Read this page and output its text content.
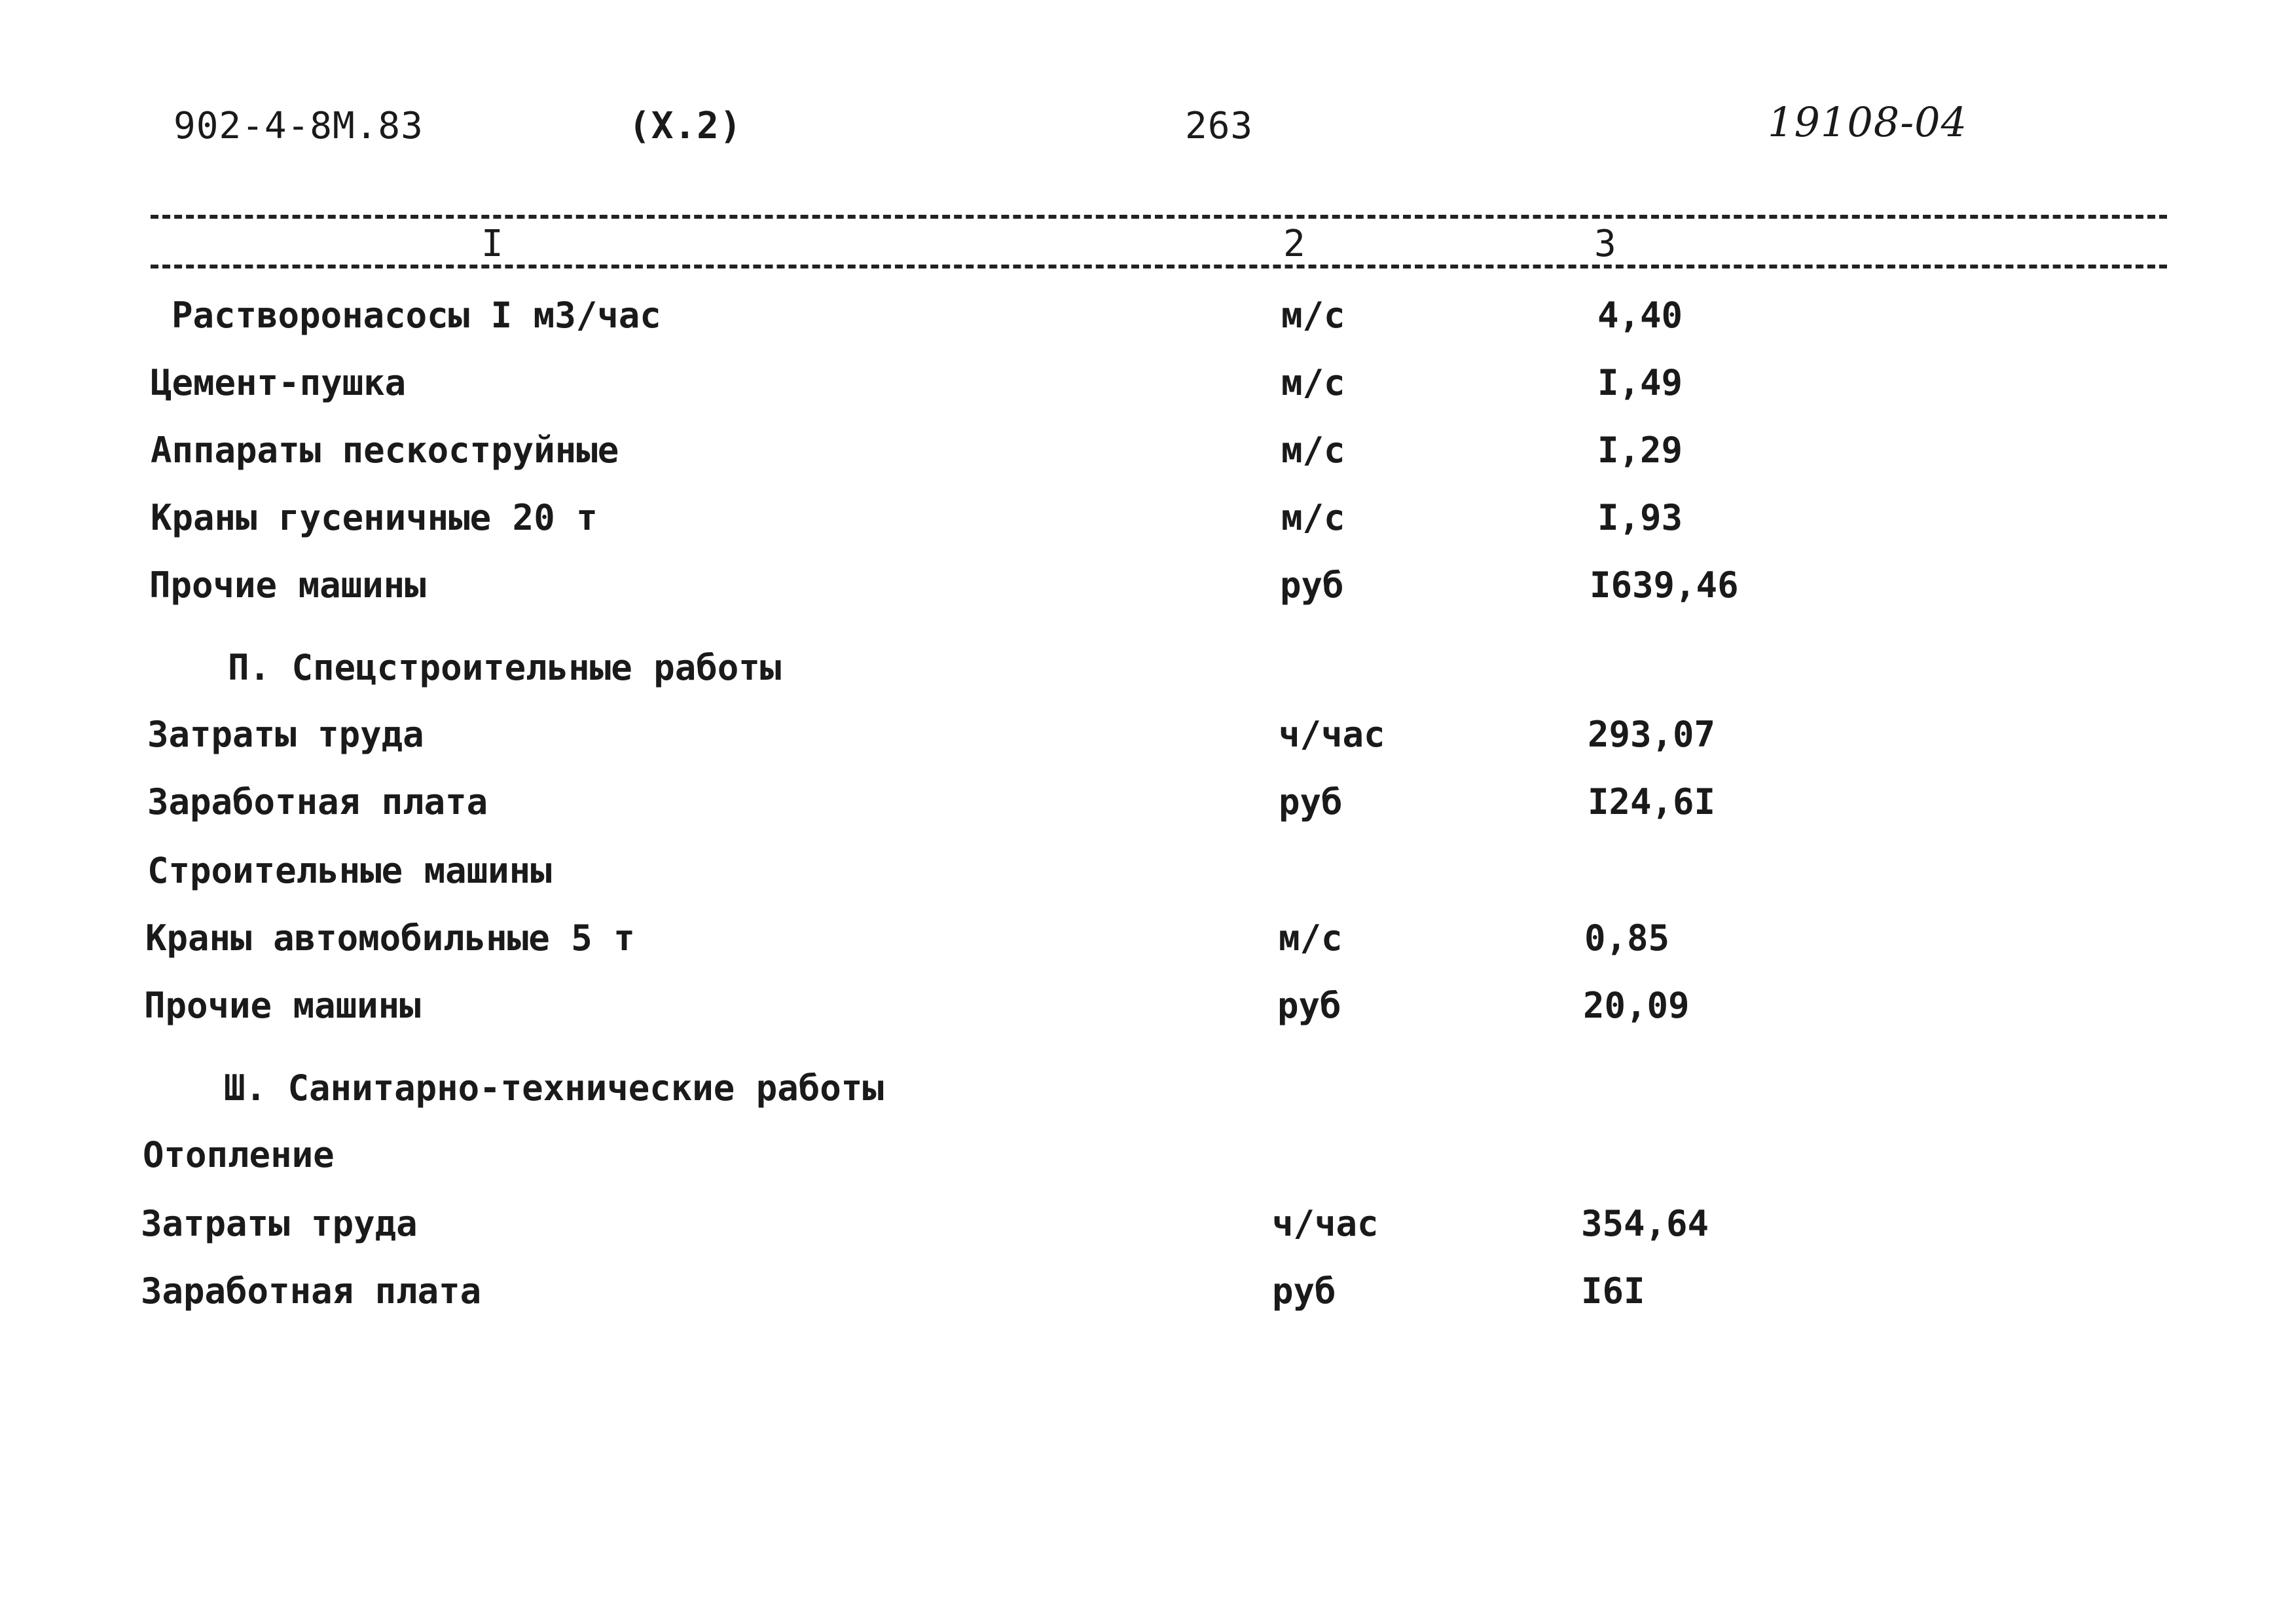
902-4-8М.83	(X.2)	263	19108-04
I	2	3
Растворонасосы I м3/час	м/с	4,40
Цемент-пушка	м/с	I,49
Аппараты пескоструйные	м/с	I,29
Краны гусеничные 20 т	м/с	I,93
Прочие машины	руб	I639,46
П. Спецстроительные работы
Затраты труда	ч/час	293,07
Заработная плата	руб	I24,6I
Строительные машины
Краны автомобильные 5 т	м/с	0,85
Прочие машины	руб	20,09
Ш. Санитарно-технические работы
Отопление
Затраты труда	ч/час	354,64
Заработная плата	руб	I6I
